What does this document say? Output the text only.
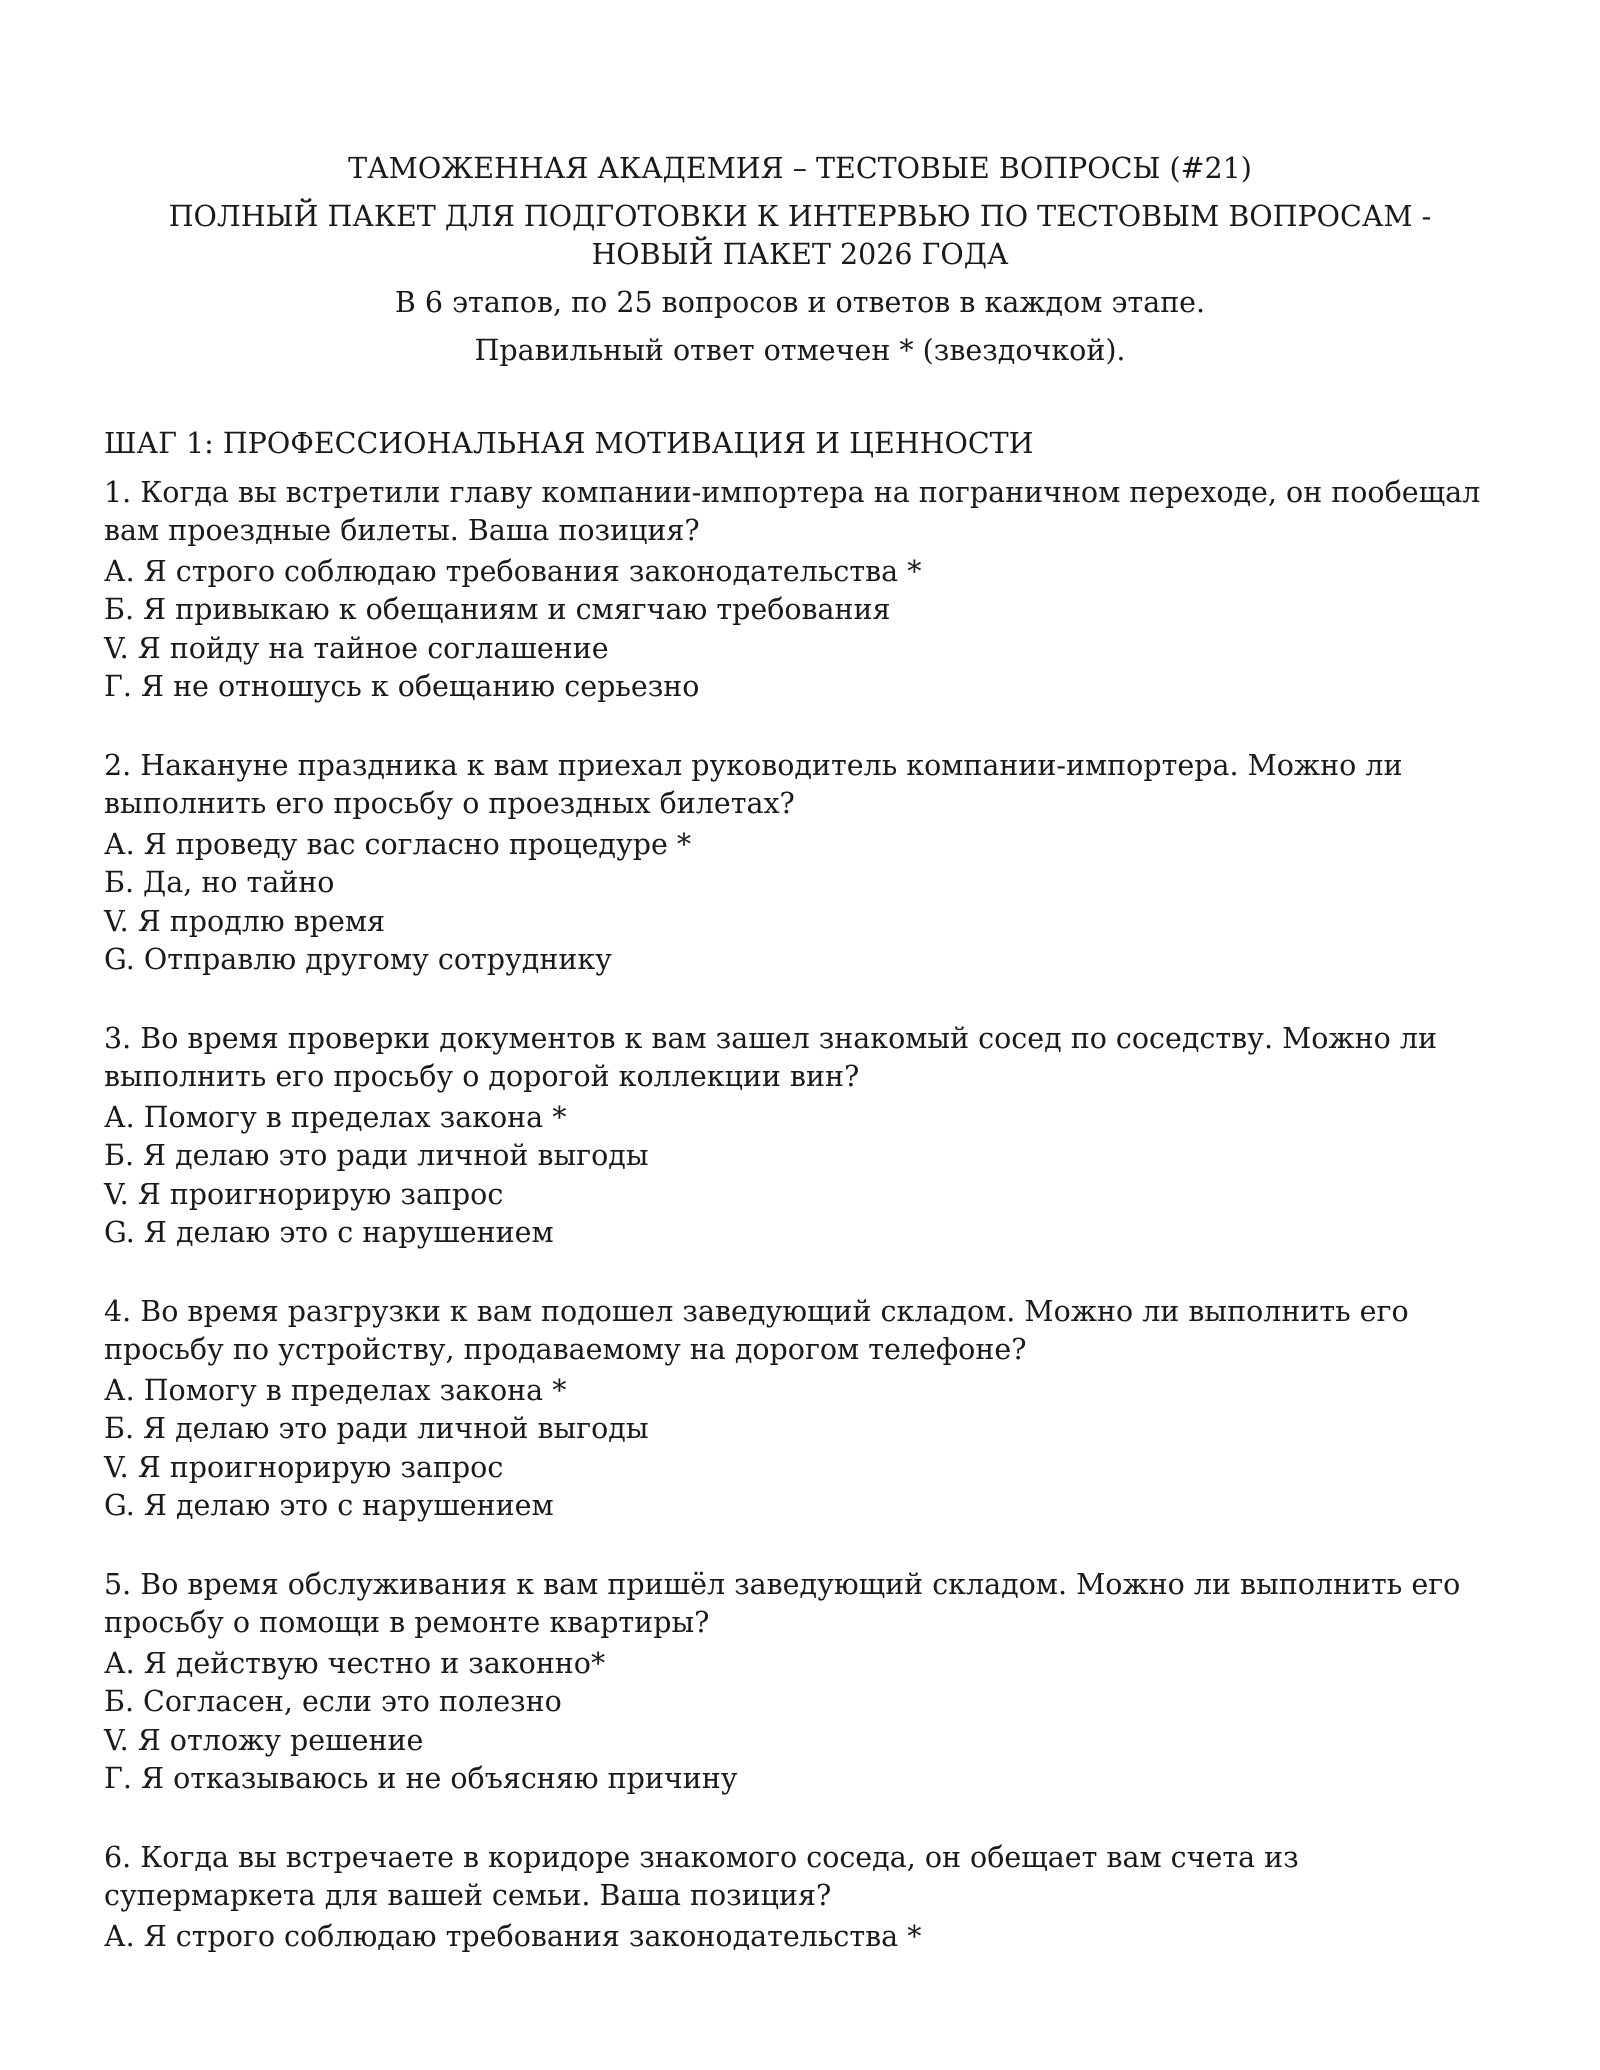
ТАМОЖЕННАЯ АКАДЕМИЯ – ТЕСТОВЫЕ ВОПРОСЫ (#21)
ПОЛНЫЙ ПАКЕТ ДЛЯ ПОДГОТОВКИ К ИНТЕРВЬЮ ПО ТЕСТОВЫМ ВОПРОСАМ - НОВЫЙ ПАКЕТ 2026 ГОДА
В 6 этапов, по 25 вопросов и ответов в каждом этапе.
Правильный ответ отмечен * (звездочкой).
ШАГ 1: ПРОФЕССИОНАЛЬНАЯ МОТИВАЦИЯ И ЦЕННОСТИ
1. Когда вы встретили главу компании-импортера на пограничном переходе, он пообещал вам проездные билеты. Ваша позиция?
А. Я строго соблюдаю требования законодательства *
Б. Я привыкаю к обещаниям и смягчаю требования
V. Я пойду на тайное соглашение
Г. Я не отношусь к обещанию серьезно
2. Накануне праздника к вам приехал руководитель компании-импортера. Можно ли выполнить его просьбу о проездных билетах?
А. Я проведу вас согласно процедуре *
Б. Да, но тайно
V. Я продлю время
G. Отправлю другому сотруднику
3. Во время проверки документов к вам зашел знакомый сосед по соседству. Можно ли выполнить его просьбу о дорогой коллекции вин?
А. Помогу в пределах закона *
Б. Я делаю это ради личной выгоды
V. Я проигнорирую запрос
G. Я делаю это с нарушением
4. Во время разгрузки к вам подошел заведующий складом. Можно ли выполнить его просьбу по устройству, продаваемому на дорогом телефоне?
А. Помогу в пределах закона *
Б. Я делаю это ради личной выгоды
V. Я проигнорирую запрос
G. Я делаю это с нарушением
5. Во время обслуживания к вам пришёл заведующий складом. Можно ли выполнить его просьбу о помощи в ремонте квартиры?
А. Я действую честно и законно*
Б. Согласен, если это полезно
V. Я отложу решение
Г. Я отказываюсь и не объясняю причину
6. Когда вы встречаете в коридоре знакомого соседа, он обещает вам счета из супермаркета для вашей семьи. Ваша позиция?
А. Я строго соблюдаю требования законодательства *
